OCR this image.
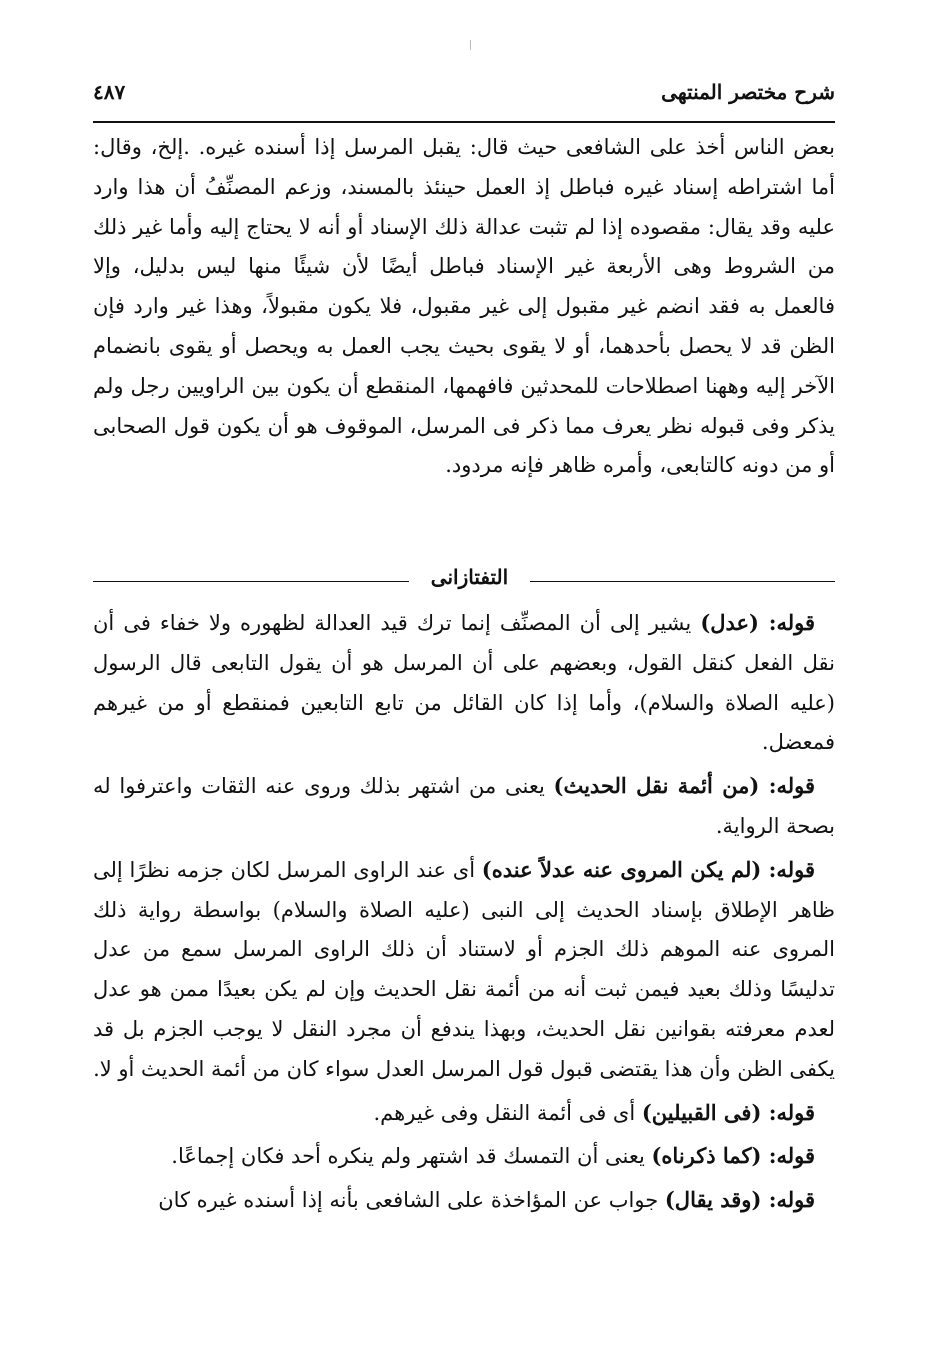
شرح مختصر المنتهى
٤٨٧

بعض الناس أخذ على الشافعى حيث قال: يقبل المرسل إذا أسنده غيره. .إلخ، وقال: أما اشتراطه إسناد غيره فباطل إذ العمل حينئذ بالمسند، وزعم المصنِّفُ أن هذا وارد عليه وقد يقال: مقصوده إذا لم تثبت عدالة ذلك الإسناد أو أنه لا يحتاج إليه وأما غير ذلك من الشروط وهى الأربعة غير الإسناد فباطل أيضًا لأن شيئًا منها ليس بدليل، وإلا فالعمل به فقد انضم غير مقبول إلى غير مقبول، فلا يكون مقبولاً، وهذا غير وارد فإن الظن قد لا يحصل بأحدهما، أو لا يقوى بحيث يجب العمل به ويحصل أو يقوى بانضمام الآخر إليه وههنا اصطلاحات للمحدثين فافهمها، المنقطع أن يكون بين الراويين رجل ولم يذكر وفى قبوله نظر يعرف مما ذكر فى المرسل، الموقوف هو أن يكون قول الصحابى أو من دونه كالتابعى، وأمره ظاهر فإنه مردود.

التفتازانى

قوله: (عدل) يشير إلى أن المصنِّف إنما ترك قيد العدالة لظهوره ولا خفاء فى أن نقل الفعل كنقل القول، وبعضهم على أن المرسل هو أن يقول التابعى قال الرسول (عليه الصلاة والسلام)، وأما إذا كان القائل من تابع التابعين فمنقطع أو من غيرهم فمعضل.

قوله: (من أئمة نقل الحديث) يعنى من اشتهر بذلك وروى عنه الثقات واعترفوا له بصحة الرواية.

قوله: (لم يكن المروى عنه عدلاً عنده) أى عند الراوى المرسل لكان جزمه نظرًا إلى ظاهر الإطلاق بإسناد الحديث إلى النبى (عليه الصلاة والسلام) بواسطة رواية ذلك المروى عنه الموهم ذلك الجزم أو لاستناد أن ذلك الراوى المرسل سمع من عدل تدليسًا وذلك بعيد فيمن ثبت أنه من أئمة نقل الحديث وإن لم يكن بعيدًا ممن هو عدل لعدم معرفته بقوانين نقل الحديث، وبهذا يندفع أن مجرد النقل لا يوجب الجزم بل قد يكفى الظن وأن هذا يقتضى قبول قول المرسل العدل سواء كان من أئمة الحديث أو لا.

قوله: (فى القبيلين) أى فى أئمة النقل وفى غيرهم.

قوله: (كما ذكرناه) يعنى أن التمسك قد اشتهر ولم ينكره أحد فكان إجماعًا.

قوله: (وقد يقال) جواب عن المؤاخذة على الشافعى بأنه إذا أسنده غيره كان
